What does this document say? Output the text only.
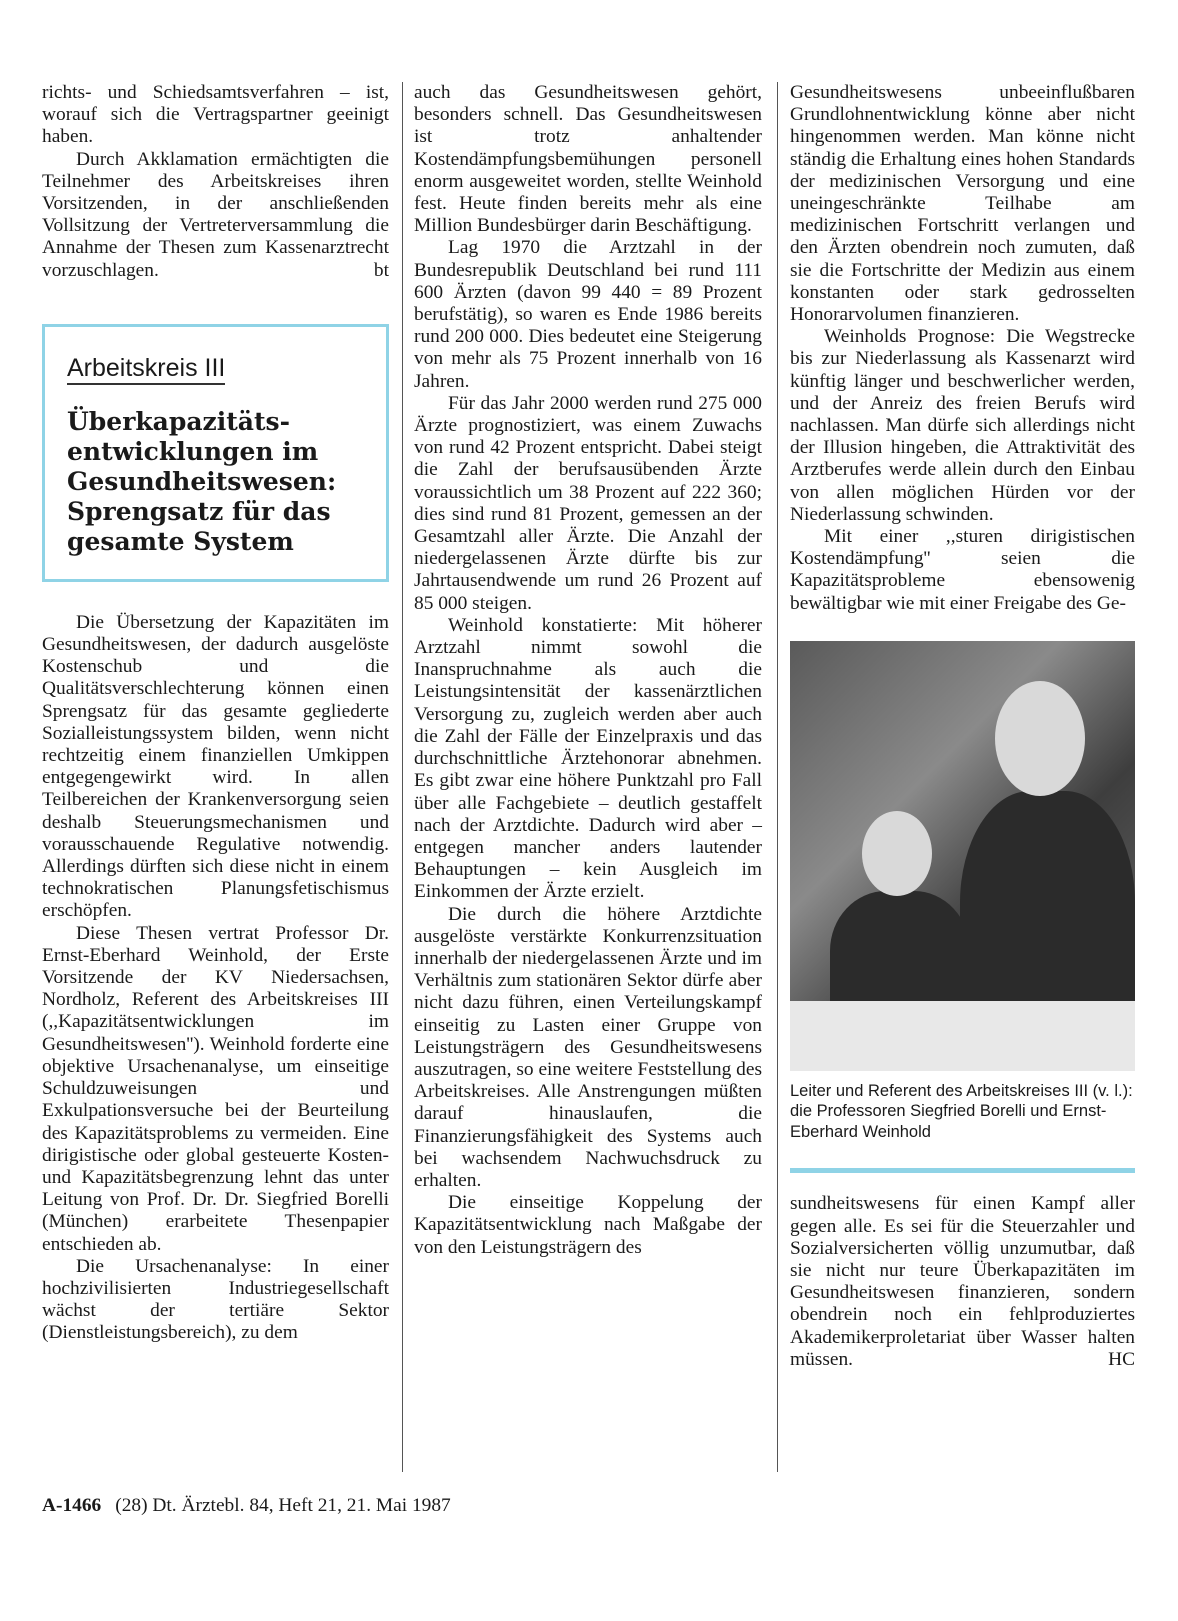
richts- und Schiedsamtsverfahren – ist, worauf sich die Vertragspartner geeinigt haben.

Durch Akklamation ermächtigten die Teilnehmer des Arbeitskreises ihren Vorsitzenden, in der anschließenden Vollsitzung der Vertreterversammlung die Annahme der Thesen zum Kassenarztrecht vorzuschlagen.	bt

Arbeitskreis III
Überkapazitäts-entwicklungen im Gesundheitswesen: Sprengsatz für das gesamte System

Die Übersetzung der Kapazitäten im Gesundheitswesen, der dadurch ausgelöste Kostenschub und die Qualitätsverschlechterung können einen Sprengsatz für das gesamte gegliederte Sozialleistungssystem bilden, wenn nicht rechtzeitig einem finanziellen Umkippen entgegengewirkt wird. In allen Teilbereichen der Krankenversorgung seien deshalb Steuerungsmechanismen und vorausschauende Regulative notwendig. Allerdings dürften sich diese nicht in einem technokratischen Planungsfetischismus erschöpfen.

Diese Thesen vertrat Professor Dr. Ernst-Eberhard Weinhold, der Erste Vorsitzende der KV Niedersachsen, Nordholz, Referent des Arbeitskreises III (,,Kapazitätsentwicklungen im Gesundheitswesen''). Weinhold forderte eine objektive Ursachenanalyse, um einseitige Schuldzuweisungen und Exkulpationsversuche bei der Beurteilung des Kapazitätsproblems zu vermeiden. Eine dirigistische oder global gesteuerte Kosten- und Kapazitätsbegrenzung lehnt das unter Leitung von Prof. Dr. Dr. Siegfried Borelli (München) erarbeitete Thesenpapier entschieden ab.

Die Ursachenanalyse: In einer hochzivilisierten Industriegesellschaft wächst der tertiäre Sektor (Dienstleistungsbereich), zu dem

auch das Gesundheitswesen gehört, besonders schnell. Das Gesundheitswesen ist trotz anhaltender Kostendämpfungsbemühungen personell enorm ausgeweitet worden, stellte Weinhold fest. Heute finden bereits mehr als eine Million Bundesbürger darin Beschäftigung.

Lag 1970 die Arztzahl in der Bundesrepublik Deutschland bei rund 111 600 Ärzten (davon 99 440 = 89 Prozent berufstätig), so waren es Ende 1986 bereits rund 200 000. Dies bedeutet eine Steigerung von mehr als 75 Prozent innerhalb von 16 Jahren.

Für das Jahr 2000 werden rund 275 000 Ärzte prognostiziert, was einem Zuwachs von rund 42 Prozent entspricht. Dabei steigt die Zahl der berufsausübenden Ärzte voraussichtlich um 38 Prozent auf 222 360; dies sind rund 81 Prozent, gemessen an der Gesamtzahl aller Ärzte. Die Anzahl der niedergelassenen Ärzte dürfte bis zur Jahrtausendwende um rund 26 Prozent auf 85 000 steigen.

Weinhold konstatierte: Mit höherer Arztzahl nimmt sowohl die Inanspruchnahme als auch die Leistungsintensität der kassenärztlichen Versorgung zu, zugleich werden aber auch die Zahl der Fälle der Einzelpraxis und das durchschnittliche Ärztehonorar abnehmen. Es gibt zwar eine höhere Punktzahl pro Fall über alle Fachgebiete – deutlich gestaffelt nach der Arztdichte. Dadurch wird aber – entgegen mancher anders lautender Behauptungen – kein Ausgleich im Einkommen der Ärzte erzielt.

Die durch die höhere Arztdichte ausgelöste verstärkte Konkurrenzsituation innerhalb der niedergelassenen Ärzte und im Verhältnis zum stationären Sektor dürfe aber nicht dazu führen, einen Verteilungskampf einseitig zu Lasten einer Gruppe von Leistungsträgern des Gesundheitswesens auszutragen, so eine weitere Feststellung des Arbeitskreises. Alle Anstrengungen müßten darauf hinauslaufen, die Finanzierungsfähigkeit des Systems auch bei wachsendem Nachwuchsdruck zu erhalten.

Die einseitige Koppelung der Kapazitätsentwicklung nach Maßgabe der von den Leistungsträgern des

Gesundheitswesens unbeeinflußbaren Grundlohnentwicklung könne aber nicht hingenommen werden. Man könne nicht ständig die Erhaltung eines hohen Standards der medizinischen Versorgung und eine uneingeschränkte Teilhabe am medizinischen Fortschritt verlangen und den Ärzten obendrein noch zumuten, daß sie die Fortschritte der Medizin aus einem konstanten oder stark gedrosselten Honorarvolumen finanzieren.

Weinholds Prognose: Die Wegstrecke bis zur Niederlassung als Kassenarzt wird künftig länger und beschwerlicher werden, und der Anreiz des freien Berufs wird nachlassen. Man dürfe sich allerdings nicht der Illusion hingeben, die Attraktivität des Arztberufes werde allein durch den Einbau von allen möglichen Hürden vor der Niederlassung schwinden.

Mit einer ,,sturen dirigistischen Kostendämpfung'' seien die Kapazitätsprobleme ebensowenig bewältigbar wie mit einer Freigabe des Ge-

Leiter und Referent des Arbeitskreises III (v. l.): die Professoren Siegfried Borelli und Ernst-Eberhard Weinhold

sundheitswesens für einen Kampf aller gegen alle. Es sei für die Steuerzahler und Sozialversicherten völlig unzumutbar, daß sie nicht nur teure Überkapazitäten im Gesundheitswesen finanzieren, sondern obendrein noch ein fehlproduziertes Akademikerproletariat über Wasser halten müssen.	HC

A-1466 (28) Dt. Ärztebl. 84, Heft 21, 21. Mai 1987
